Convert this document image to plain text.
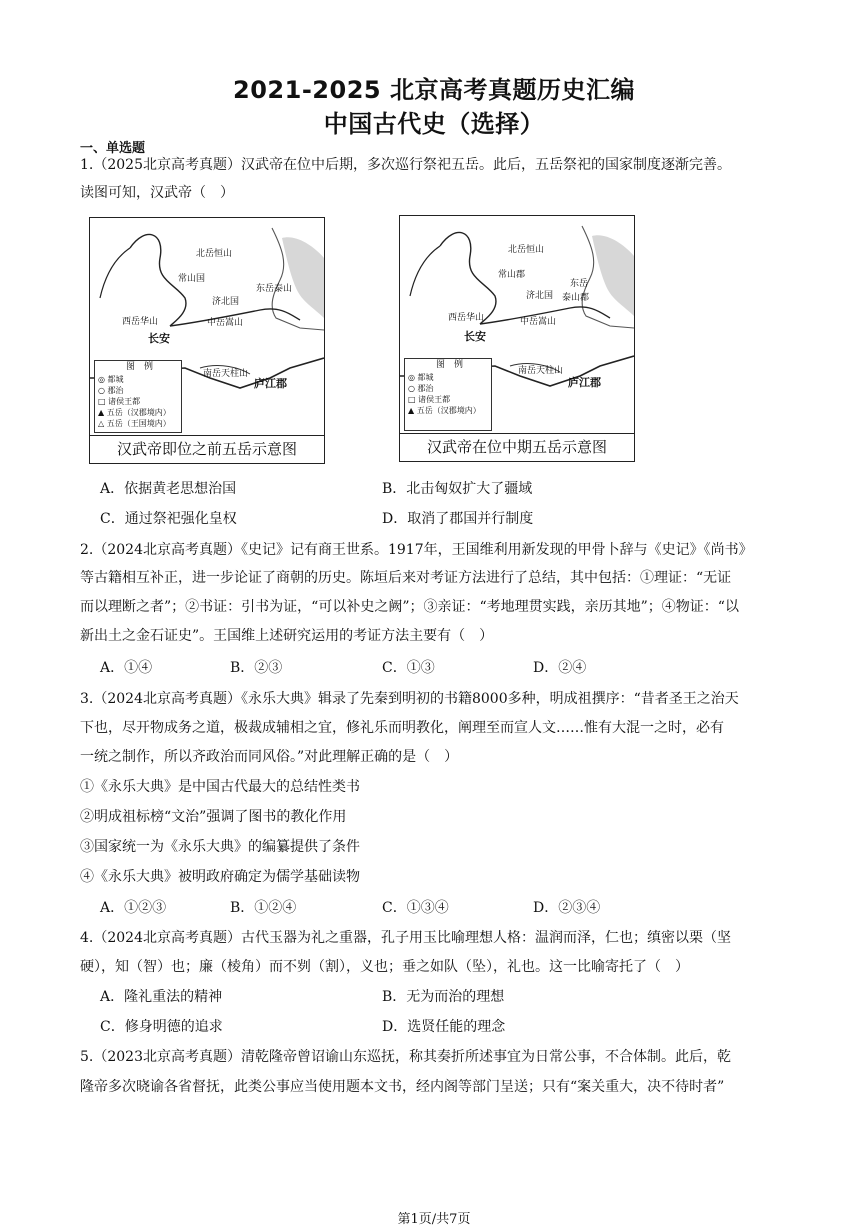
2021-2025 北京高考真题历史汇编
中国古代史（选择）
一、单选题
1.（2025北京高考真题）汉武帝在位中后期，多次巡行祭祀五岳。此后，五岳祭祀的国家制度逐渐完善。
读图可知，汉武帝（　）
北岳恒山
常山国
东岳泰山
济北国
西岳华山	中岳嵩山
长安
南岳天柱山
庐江郡
图　例
◎ 都城
○ 郡治
□ 诸侯王都
▲ 五岳（汉郡境内）
△ 五岳（王国境内）
汉武帝即位之前五岳示意图
北岳恒山
常山郡
东岳
泰山郡
济北国
西岳华山	中岳嵩山
长安
南岳天柱山
庐江郡
图　例
◎ 都城
○ 郡治
□ 诸侯王都
▲ 五岳（汉郡境内）
汉武帝在位中期五岳示意图
A．依据黄老思想治国	B．北击匈奴扩大了疆域
C．通过祭祀强化皇权	D．取消了郡国并行制度
2.（2024北京高考真题）《史记》记有商王世系。1917年，王国维利用新发现的甲骨卜辞与《史记》《尚书》
等古籍相互补正，进一步论证了商朝的历史。陈垣后来对考证方法进行了总结，其中包括：①理证：“无证
而以理断之者”；②书证：引书为证，“可以补史之阙”；③亲证：“考地理贯实践，亲历其地”；④物证：“以
新出土之金石证史”。王国维上述研究运用的考证方法主要有（　）
A．①④	B．②③	C．①③	D．②④
3.（2024北京高考真题）《永乐大典》辑录了先秦到明初的书籍8000多种，明成祖撰序：“昔者圣王之治天
下也，尽开物成务之道，极裁成辅相之宜，修礼乐而明教化，阐理至而宣人文……惟有大混一之时，必有
一统之制作，所以齐政治而同风俗。”对此理解正确的是（　）
①《永乐大典》是中国古代最大的总结性类书
②明成祖标榜“文治”强调了图书的教化作用
③国家统一为《永乐大典》的编纂提供了条件
④《永乐大典》被明政府确定为儒学基础读物
A．①②③	B．①②④	C．①③④	D．②③④
4.（2024北京高考真题）古代玉器为礼之重器，孔子用玉比喻理想人格：温润而泽，仁也；缜密以栗（坚
硬），知（智）也；廉（棱角）而不刿（割），义也；垂之如队（坠），礼也。这一比喻寄托了（　）
A．隆礼重法的精神	B．无为而治的理想
C．修身明德的追求	D．选贤任能的理念
5.（2023北京高考真题）清乾隆帝曾诏谕山东巡抚，称其奏折所述事宜为日常公事，不合体制。此后，乾
隆帝多次晓谕各省督抚，此类公事应当使用题本文书，经内阁等部门呈送；只有“案关重大，决不待时者”
第1页/共7页
